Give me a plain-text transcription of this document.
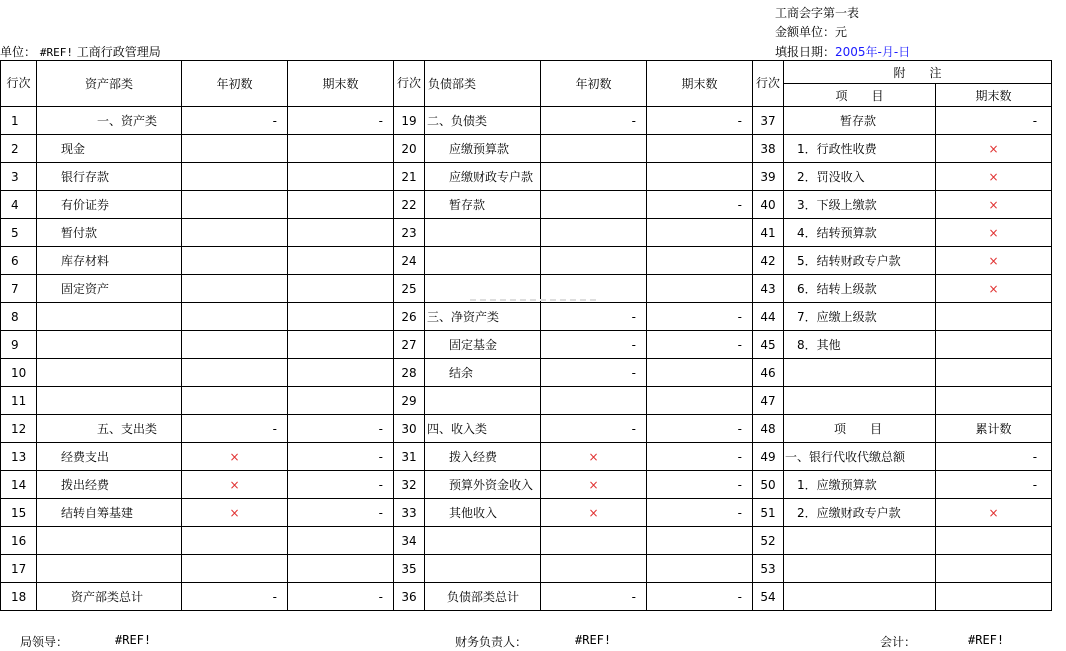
工商会字第一表
金额单位：元
填报日期：2005年-月-日
单位： #REF! 工商行政管理局
行次	资产部类	年初数	期末数	行次	负债部类	年初数	期末数	行次	附　　注	
									项　　目	期末数
1	一、资产类	-	-	19	二、负债类	-	-	37	暂存款	-
2	现金			20	应缴预算款			38	1．行政性收费	×
3	银行存款			21	应缴财政专户款			39	2．罚没收入	×
4	有价证券			22	暂存款		-	40	3．下级上缴款	×
5	暂付款			23				41	4．结转预算款	×
6	库存材料			24				42	5．结转财政专户款	×
7	固定资产			25				43	6．结转上级款	×
8				26	三、净资产类	-	-	44	7．应缴上级款	
9				27	固定基金	-	-	45	8．其他	
10				28	结余	-		46		
11				29				47		
12	五、支出类	-	-	30	四、收入类	-	-	48	项　　目	累计数
13	经费支出	×	-	31	拨入经费	×	-	49	一、银行代收代缴总额	-
14	拨出经费	×	-	32	预算外资金收入	×	-	50	1．应缴预算款	-
15	结转自筹基建	×	-	33	其他收入	×	-	51	2．应缴财政专户款	×
16				34				52		
17				35				53		
18	资产部类总计	-	-	36	负债部类总计	-	-	54		
局领导：	#REF!	财务负责人：	#REF!	会计：	#REF!
